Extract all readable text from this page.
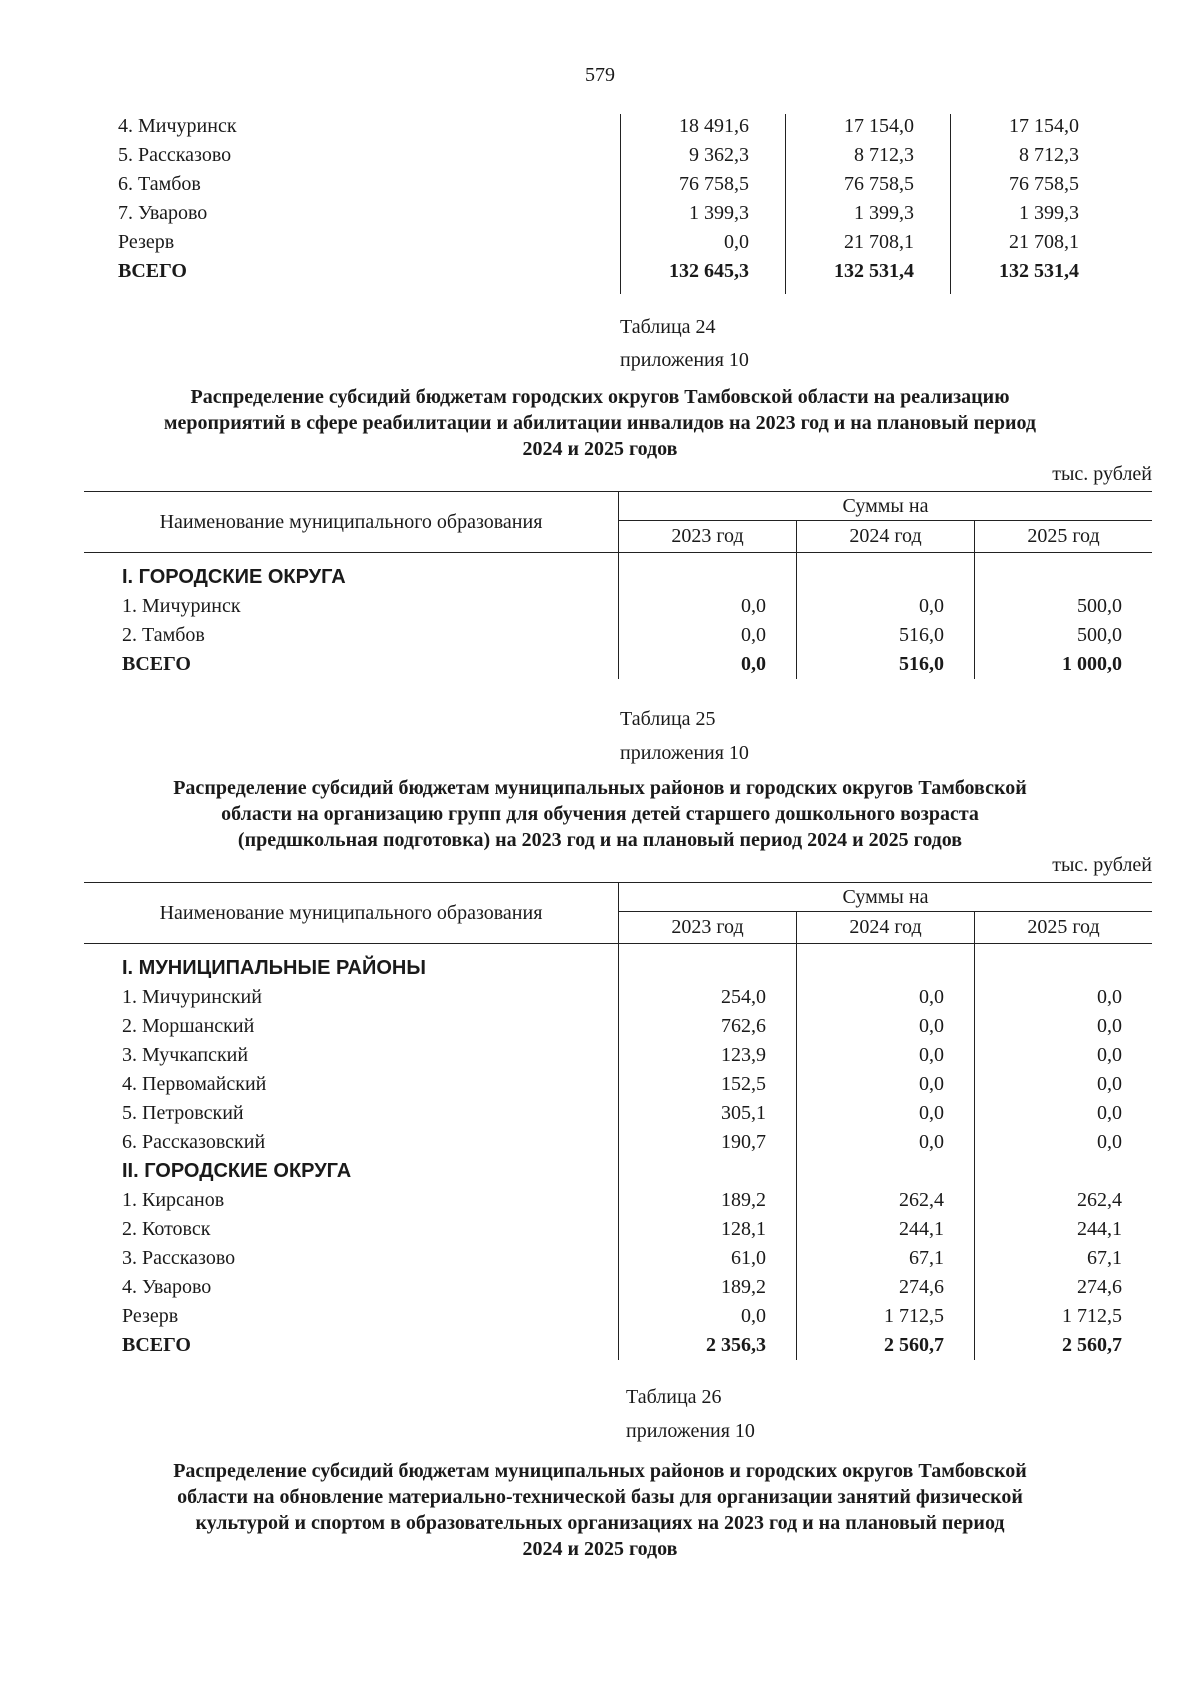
579
4. Мичуринск	18 491,6	17 154,0	17 154,0
5. Рассказово	9 362,3	8 712,3	8 712,3
6. Тамбов	76 758,5	76 758,5	76 758,5
7. Уварово	1 399,3	1 399,3	1 399,3
Резерв	0,0	21 708,1	21 708,1
ВСЕГО	132 645,3	132 531,4	132 531,4
Таблица 24
приложения 10
Распределение субсидий бюджетам городских округов Тамбовской области на реализацию
мероприятий в сфере реабилитации и абилитации инвалидов на 2023 год и на плановый период
2024 и 2025 годов
тыс. рублей
Наименование муниципального образования
Суммы на
2023 год	2024 год	2025 год
I. ГОРОДСКИЕ ОКРУГА
1. Мичуринск	0,0	0,0	500,0
2. Тамбов	0,0	516,0	500,0
ВСЕГО	0,0	516,0	1 000,0
Таблица 25
приложения 10
Распределение субсидий бюджетам муниципальных районов и городских округов Тамбовской
области на организацию групп для обучения детей старшего дошкольного возраста
(предшкольная подготовка) на 2023 год и на плановый период 2024 и 2025 годов
тыс. рублей
Наименование муниципального образования
Суммы на
2023 год	2024 год	2025 год
I. МУНИЦИПАЛЬНЫЕ РАЙОНЫ
1. Мичуринский	254,0	0,0	0,0
2. Моршанский	762,6	0,0	0,0
3. Мучкапский	123,9	0,0	0,0
4. Первомайский	152,5	0,0	0,0
5. Петровский	305,1	0,0	0,0
6. Рассказовский	190,7	0,0	0,0
II. ГОРОДСКИЕ ОКРУГА
1. Кирсанов	189,2	262,4	262,4
2. Котовск	128,1	244,1	244,1
3. Рассказово	61,0	67,1	67,1
4. Уварово	189,2	274,6	274,6
Резерв	0,0	1 712,5	1 712,5
ВСЕГО	2 356,3	2 560,7	2 560,7
Таблица 26
приложения 10
Распределение субсидий бюджетам муниципальных районов и городских округов Тамбовской
области на обновление материально-технической базы для организации занятий физической
культурой и спортом в образовательных организациях на 2023 год и на плановый период
2024 и 2025 годов
